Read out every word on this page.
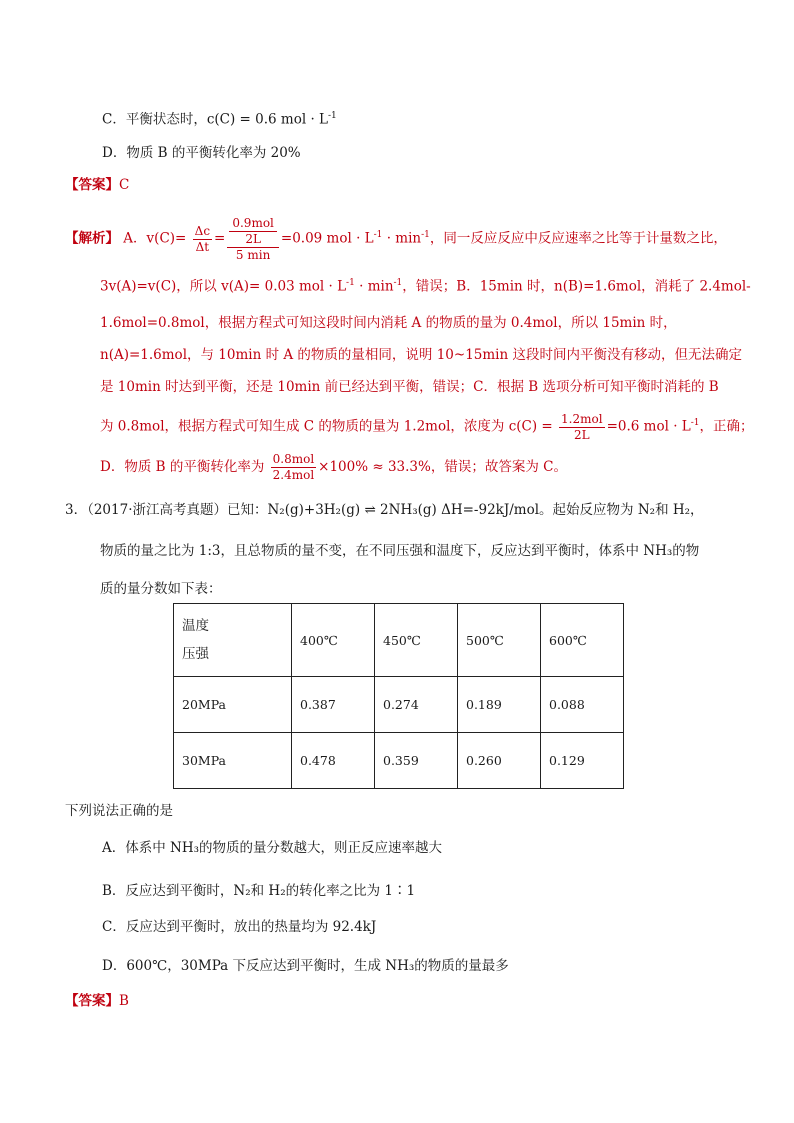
C．平衡状态时，c(C) = 0.6 mol · $L^{-1}$
D．物质 B 的平衡转化率为 20%
【答案】C
【解析】 A．$v(C)= \frac{\Delta c}{\Delta t} = \frac{\frac{\text{0.9mol}}{2L}}{5 \min} =0.09$ mol · $L^{-1} \cdot \min^{-1}$，同一反应反应中反应速率之比等于计量数之比，
3v(A)=v(C)，所以 v(A)= 0.03 mol · $L^{-1} \cdot \min^{-1}$，错误；B．15min 时，n(B)=1.6mol，消耗了 2.4mol-
1.6mol=0.8mol，根据方程式可知这段时间内消耗 A 的物质的量为 0.4mol，所以 15min 时，
n(A)=1.6mol，与 10min 时 A 的物质的量相同，说明 10~15min 这段时间内平衡没有移动，但无法确定
是 10min 时达到平衡，还是 10min 前已经达到平衡，错误；C．根据 B 选项分析可知平衡时消耗的 B
为 0.8mol，根据方程式可知生成 C 的物质的量为 1.2mol，浓度为 $c(C) = \frac{\text{1.2mol}}{2L} =0.6$ mol · $L^{-1}$，正确；
D．物质 B 的平衡转化率为 $\frac{\text{0.8mol}}{\text{2.4mol}} \times 100\% \approx 33.3\%$，错误；故答案为 C。
3．（2017·浙江高考真题）已知：N₂(g)+3H₂(g) ⇌ 2NH₃(g) ΔH=-92kJ/mol。起始反应物为 N₂和 H₂，
物质的量之比为 1:3，且总物质的量不变，在不同压强和温度下，反应达到平衡时，体系中 NH₃的物
质的量分数如下表：
温度
压强	400℃	450℃	500℃	600℃
20MPa	0.387	0.274	0.189	0.088
30MPa	0.478	0.359	0.260	0.129
下列说法正确的是
A．体系中 NH₃的物质的量分数越大，则正反应速率越大
B．反应达到平衡时，N₂和 H₂的转化率之比为 1∶1
C．反应达到平衡时，放出的热量均为 92.4kJ
D．600℃，30MPa 下反应达到平衡时，生成 NH₃的物质的量最多
【答案】B
